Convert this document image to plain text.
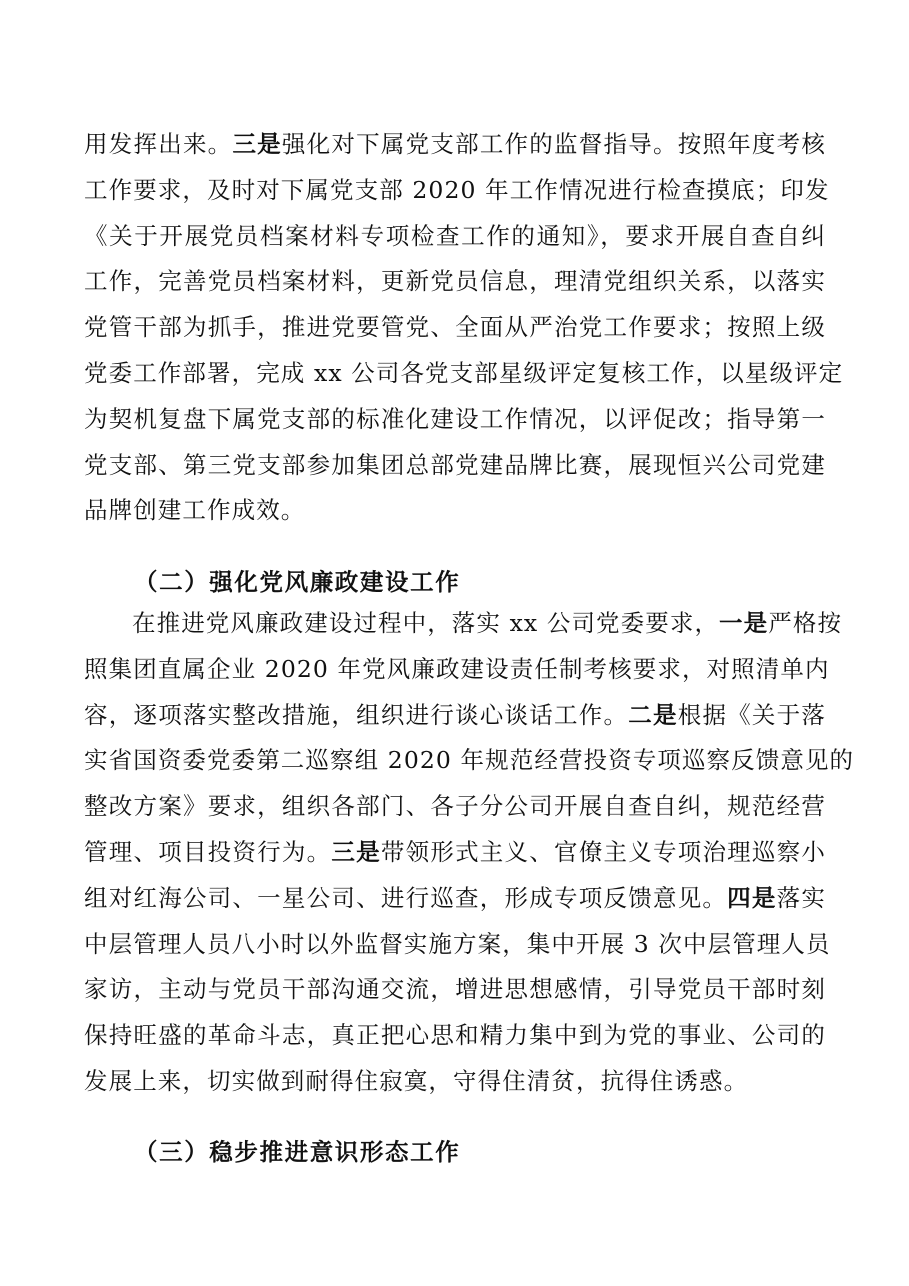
用发挥出来。三是强化对下属党支部工作的监督指导。按照年度考核
工作要求，及时对下属党支部 2020 年工作情况进行检查摸底；印发
《关于开展党员档案材料专项检查工作的通知》，要求开展自查自纠
工作，完善党员档案材料，更新党员信息，理清党组织关系，以落实
党管干部为抓手，推进党要管党、全面从严治党工作要求；按照上级
党委工作部署，完成 xx 公司各党支部星级评定复核工作，以星级评定
为契机复盘下属党支部的标准化建设工作情况，以评促改；指导第一
党支部、第三党支部参加集团总部党建品牌比赛，展现恒兴公司党建
品牌创建工作成效。
（二）强化党风廉政建设工作
在推进党风廉政建设过程中，落实 xx 公司党委要求，一是严格按
照集团直属企业 2020 年党风廉政建设责任制考核要求，对照清单内
容，逐项落实整改措施，组织进行谈心谈话工作。二是根据《关于落
实省国资委党委第二巡察组 2020 年规范经营投资专项巡察反馈意见的
整改方案》要求，组织各部门、各子分公司开展自查自纠，规范经营
管理、项目投资行为。三是带领形式主义、官僚主义专项治理巡察小
组对红海公司、一星公司、进行巡查，形成专项反馈意见。四是落实
中层管理人员八小时以外监督实施方案，集中开展 3 次中层管理人员
家访，主动与党员干部沟通交流，增进思想感情，引导党员干部时刻
保持旺盛的革命斗志，真正把心思和精力集中到为党的事业、公司的
发展上来，切实做到耐得住寂寞，守得住清贫，抗得住诱惑。
（三）稳步推进意识形态工作
